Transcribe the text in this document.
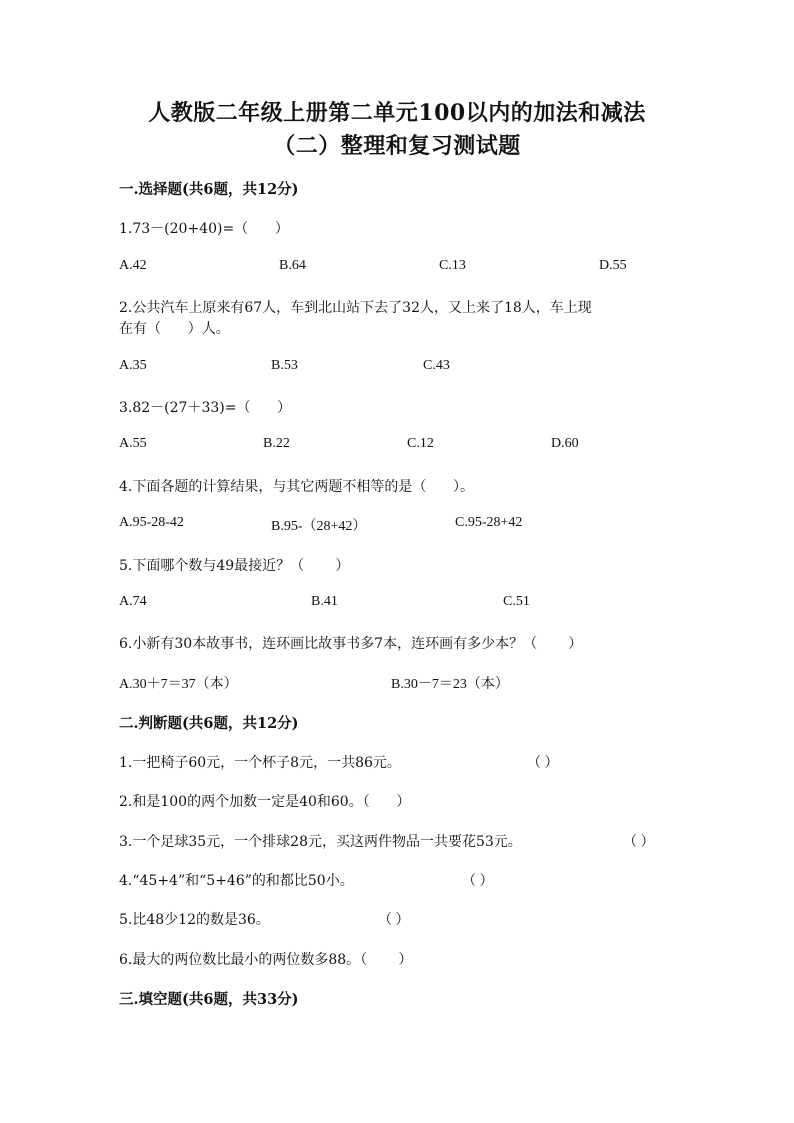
人教版二年级上册第二单元100以内的加法和减法
（二）整理和复习测试题
一.选择题(共6题，共12分)
1.73－(20+40)=（      ）
A.42	B.64	C.13	D.55
2.公共汽车上原来有67人，车到北山站下去了32人，又上来了18人，车上现
在有（      ）人。
A.35	B.53	C.43
3.82－(27＋33)=（      ）
A.55	B.22	C.12	D.60
4.下面各题的计算结果，与其它两题不相等的是（      ）。
A.95-28-42	B.95-（28+42）	C.95-28+42
5.下面哪个数与49最接近？（       ）
A.74	B.41	C.51
6.小新有30本故事书，连环画比故事书多7本，连环画有多少本？（       ）
A.30＋7＝37（本）	B.30－7＝23（本）
二.判断题(共6题，共12分)
1.一把椅子60元，一个杯子8元，一共86元。	（ ）
2.和是100的两个加数一定是40和60。（      ）
3.一个足球35元，一个排球28元，买这两件物品一共要花53元。	（ ）
4.“45+4”和“5+46”的和都比50小。	（ ）
5.比48少12的数是36。	（ ）
6.最大的两位数比最小的两位数多88。（       ）
三.填空题(共6题，共33分)
